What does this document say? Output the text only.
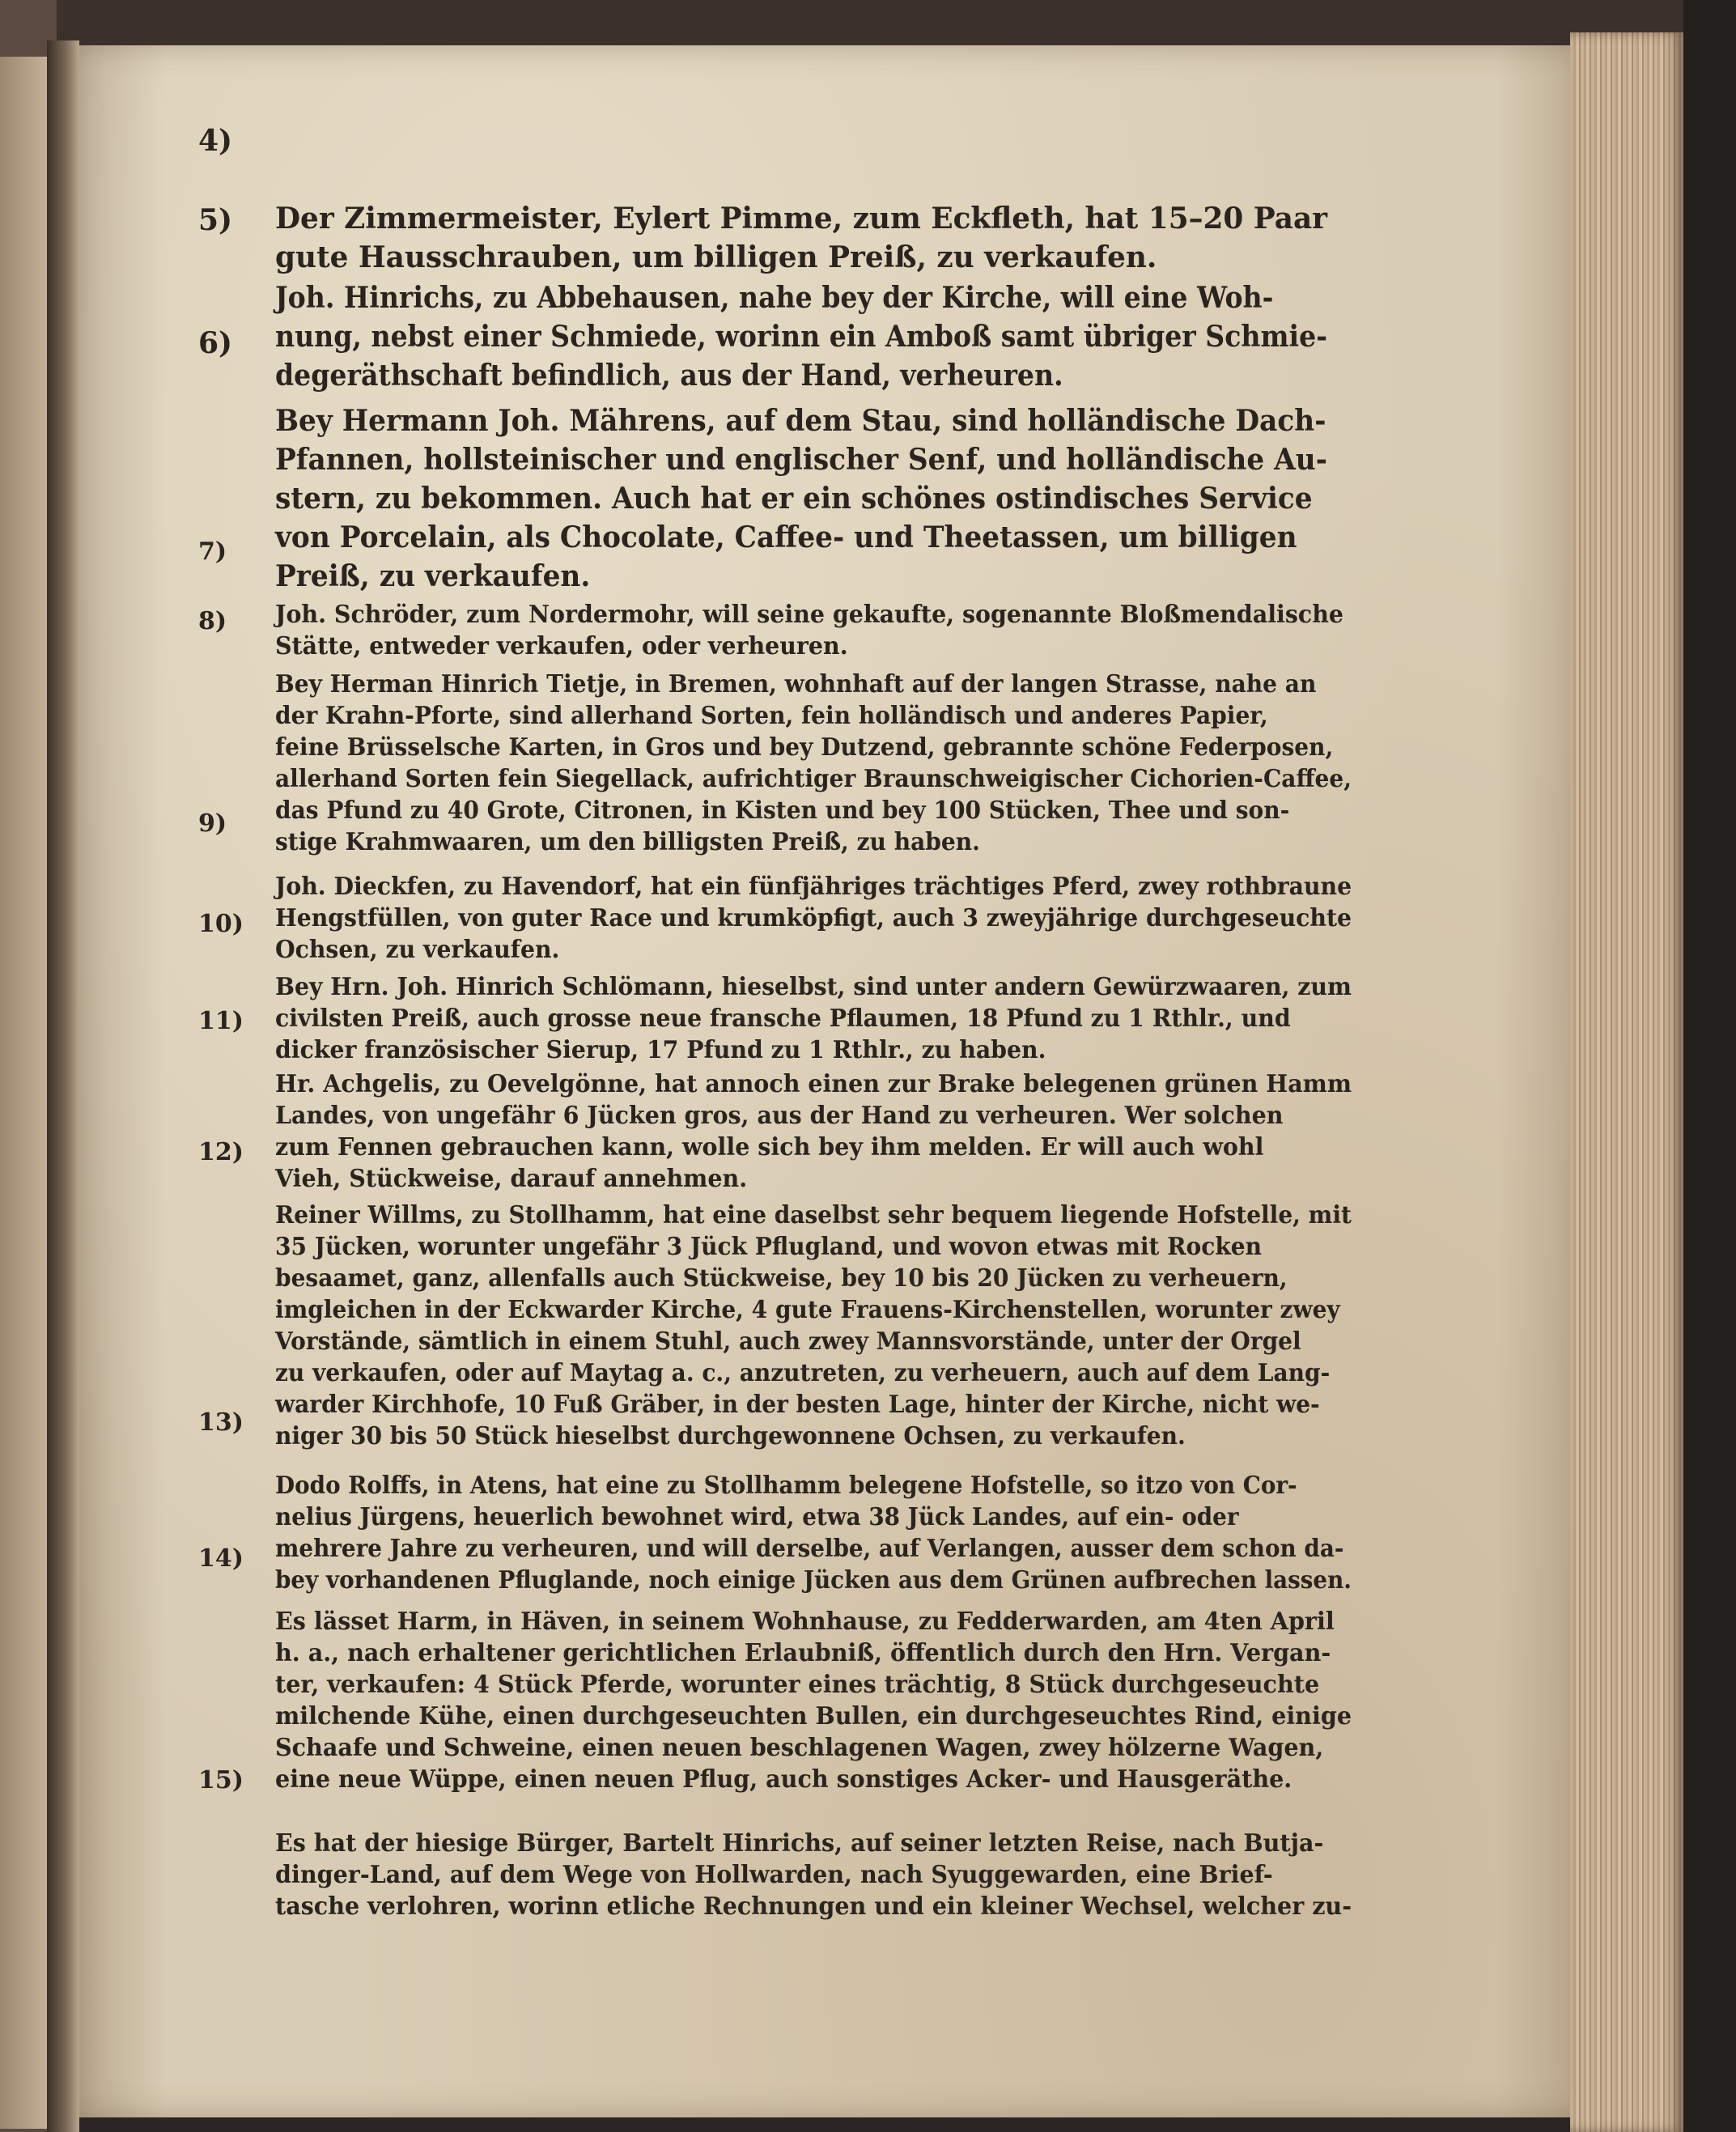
4)

Der Zimmermeister, Eylert Pimme, zum Eckfleth, hat 15–20 Paar
gute Hausschrauben, um billigen Preiß, zu verkaufen.

5)

Joh. Hinrichs, zu Abbehausen, nahe bey der Kirche, will eine Woh-
nung, nebst einer Schmiede, worinn ein Amboß samt übriger Schmie-
degeräthschaft befindlich, aus der Hand, verheuren.

6)

Bey Hermann Joh. Mährens, auf dem Stau, sind holländische Dach-
Pfannen, hollsteinischer und englischer Senf, und holländische Au-
stern, zu bekommen. Auch hat er ein schönes ostindisches Service
von Porcelain, als Chocolate, Caffee- und Theetassen, um billigen
Preiß, zu verkaufen.

7)

Joh. Schröder, zum Nordermohr, will seine gekaufte, sogenannte Bloßmendalische
Stätte, entweder verkaufen, oder verheuren.

8)

Bey Herman Hinrich Tietje, in Bremen, wohnhaft auf der langen Strasse, nahe an
der Krahn-Pforte, sind allerhand Sorten, fein holländisch und anderes Papier,
feine Brüsselsche Karten, in Gros und bey Dutzend, gebrannte schöne Federposen,
allerhand Sorten fein Siegellack, aufrichtiger Braunschweigischer Cichorien-Caffee,
das Pfund zu 40 Grote, Citronen, in Kisten und bey 100 Stücken, Thee und son-
stige Krahmwaaren, um den billigsten Preiß, zu haben.

9)

Joh. Dieckfen, zu Havendorf, hat ein fünfjähriges trächtiges Pferd, zwey rothbraune
Hengstfüllen, von guter Race und krumköpfigt, auch 3 zweyjährige durchgeseuchte
Ochsen, zu verkaufen.

10)

Bey Hrn. Joh. Hinrich Schlömann, hieselbst, sind unter andern Gewürzwaaren, zum
civilsten Preiß, auch grosse neue fransche Pflaumen, 18 Pfund zu 1 Rthlr., und
dicker französischer Sierup, 17 Pfund zu 1 Rthlr., zu haben.

11)

Hr. Achgelis, zu Oevelgönne, hat annoch einen zur Brake belegenen grünen Hamm
Landes, von ungefähr 6 Jücken gros, aus der Hand zu verheuren. Wer solchen
zum Fennen gebrauchen kann, wolle sich bey ihm melden. Er will auch wohl
Vieh, Stückweise, darauf annehmen.

12)

Reiner Willms, zu Stollhamm, hat eine daselbst sehr bequem liegende Hofstelle, mit
35 Jücken, worunter ungefähr 3 Jück Pflugland, und wovon etwas mit Rocken
besaamet, ganz, allenfalls auch Stückweise, bey 10 bis 20 Jücken zu verheuern,
imgleichen in der Eckwarder Kirche, 4 gute Frauens-Kirchenstellen, worunter zwey
Vorstände, sämtlich in einem Stuhl, auch zwey Mannsvorstände, unter der Orgel
zu verkaufen, oder auf Maytag a. c., anzutreten, zu verheuern, auch auf dem Lang-
warder Kirchhofe, 10 Fuß Gräber, in der besten Lage, hinter der Kirche, nicht we-
niger 30 bis 50 Stück hieselbst durchgewonnene Ochsen, zu verkaufen.

13)

Dodo Rolffs, in Atens, hat eine zu Stollhamm belegene Hofstelle, so itzo von Cor-
nelius Jürgens, heuerlich bewohnet wird, etwa 38 Jück Landes, auf ein- oder
mehrere Jahre zu verheuren, und will derselbe, auf Verlangen, ausser dem schon da-
bey vorhandenen Pfluglande, noch einige Jücken aus dem Grünen aufbrechen lassen.

14)

Es lässet Harm, in Häven, in seinem Wohnhause, zu Fedderwarden, am 4ten April
h. a., nach erhaltener gerichtlichen Erlaubniß, öffentlich durch den Hrn. Vergan-
ter, verkaufen: 4 Stück Pferde, worunter eines trächtig, 8 Stück durchgeseuchte
milchende Kühe, einen durchgeseuchten Bullen, ein durchgeseuchtes Rind, einige
Schaafe und Schweine, einen neuen beschlagenen Wagen, zwey hölzerne Wagen,
eine neue Wüppe, einen neuen Pflug, auch sonstiges Acker- und Hausgeräthe.

15)

Es hat der hiesige Bürger, Bartelt Hinrichs, auf seiner letzten Reise, nach Butja-
dinger-Land, auf dem Wege von Hollwarden, nach Syuggewarden, eine Brief-
tasche verlohren, worinn etliche Rechnungen und ein kleiner Wechsel, welcher zu-
